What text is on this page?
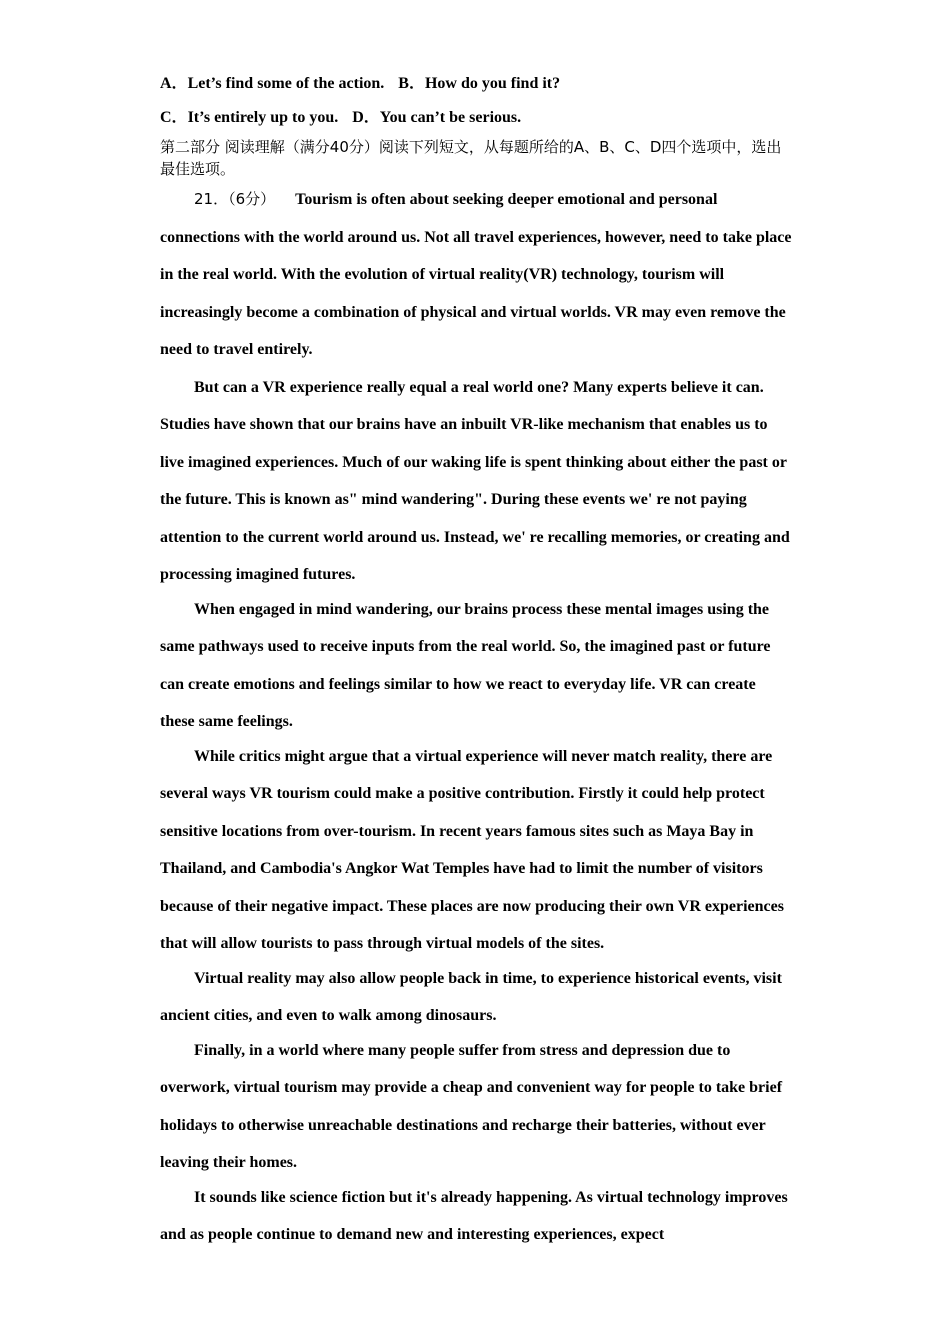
A．Let’s find some of the action. B．How do you find it?
C．It’s entirely up to you. D．You can’t be serious.
第二部分 阅读理解（满分40分）阅读下列短文，从每题所给的A、B、C、D四个选项中，选出最佳选项。

21．（6分） Tourism is often about seeking deeper emotional and personal connections with the world around us. Not all travel experiences, however, need to take place in the real world. With the evolution of virtual reality(VR) technology, tourism will increasingly become a combination of physical and virtual worlds. VR may even remove the need to travel entirely.

But can a VR experience really equal a real world one? Many experts believe it can. Studies have shown that our brains have an inbuilt VR-like mechanism that enables us to live imagined experiences. Much of our waking life is spent thinking about either the past or the future. This is known as" mind wandering". During these events we' re not paying attention to the current world around us. Instead, we' re recalling memories, or creating and processing imagined futures.

When engaged in mind wandering, our brains process these mental images using the same pathways used to receive inputs from the real world. So, the imagined past or future can create emotions and feelings similar to how we react to everyday life. VR can create these same feelings.

While critics might argue that a virtual experience will never match reality, there are several ways VR tourism could make a positive contribution. Firstly it could help protect sensitive locations from over-tourism. In recent years famous sites such as Maya Bay in Thailand, and Cambodia's Angkor Wat Temples have had to limit the number of visitors because of their negative impact. These places are now producing their own VR experiences that will allow tourists to pass through virtual models of the sites.

Virtual reality may also allow people back in time, to experience historical events, visit ancient cities, and even to walk among dinosaurs.

Finally, in a world where many people suffer from stress and depression due to overwork, virtual tourism may provide a cheap and convenient way for people to take brief holidays to otherwise unreachable destinations and recharge their batteries, without ever leaving their homes.

It sounds like science fiction but it's already happening. As virtual technology improves and as people continue to demand new and interesting experiences, expect
